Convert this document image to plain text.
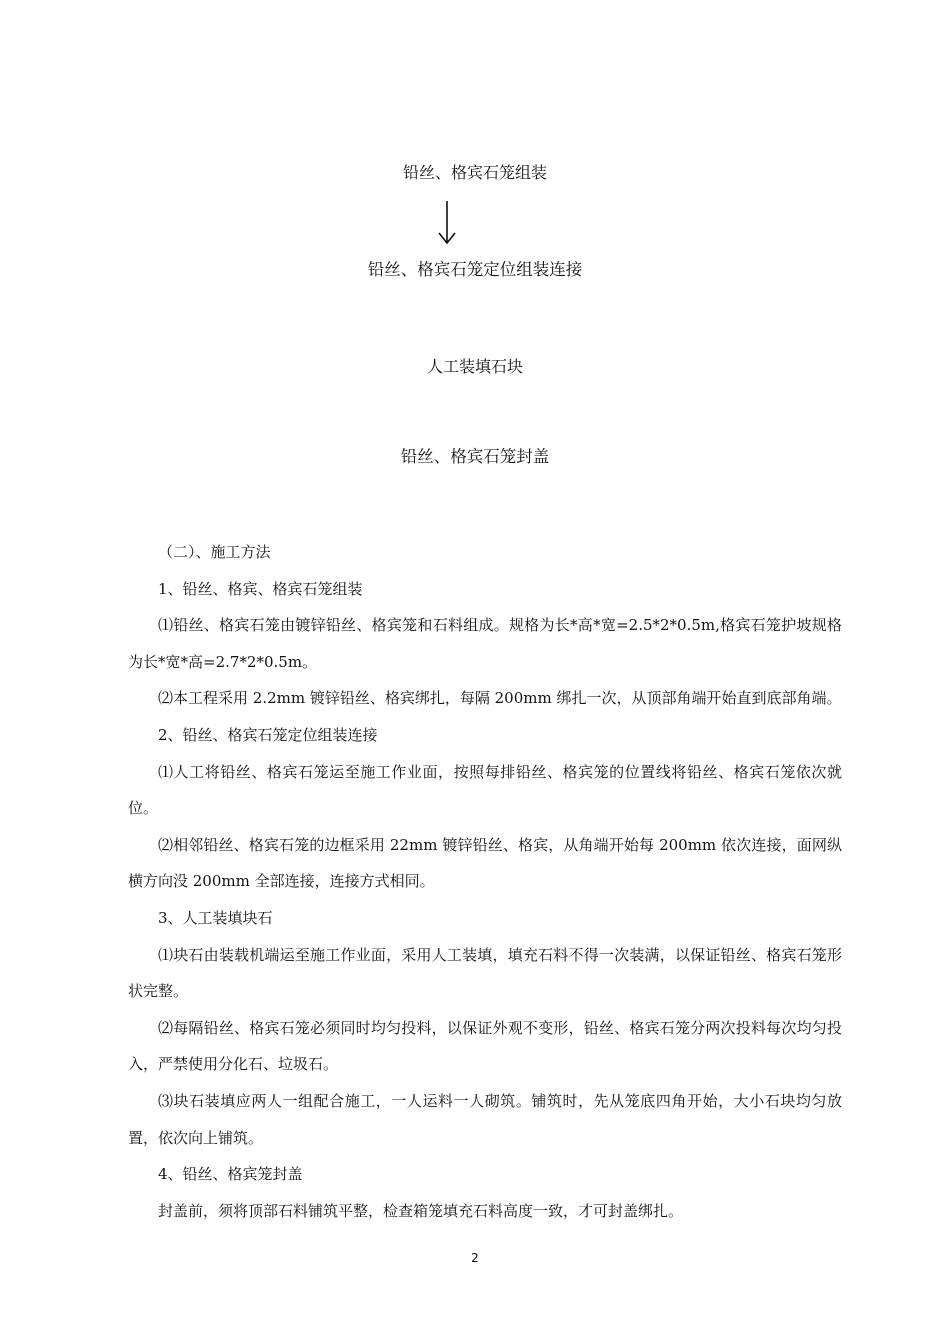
铅丝、格宾石笼组装
铅丝、格宾石笼定位组装连接
人工装填石块
铅丝、格宾石笼封盖

（二）、施工方法

1、铅丝、格宾、格宾石笼组装

⑴铅丝、格宾石笼由镀锌铅丝、格宾笼和石料组成。规格为长*高*宽=2.5*2*0.5m,格宾石笼护坡规格为长*宽*高=2.7*2*0.5m。

⑵本工程采用 2.2mm 镀锌铅丝、格宾绑扎，每隔 200mm 绑扎一次，从顶部角端开始直到底部角端。

2、铅丝、格宾石笼定位组装连接

⑴人工将铅丝、格宾石笼运至施工作业面，按照每排铅丝、格宾笼的位置线将铅丝、格宾石笼依次就位。

⑵相邻铅丝、格宾石笼的边框采用 22mm 镀锌铅丝、格宾，从角端开始每 200mm 依次连接，面网纵横方向没 200mm 全部连接，连接方式相同。

3、人工装填块石

⑴块石由装载机端运至施工作业面，采用人工装填，填充石料不得一次装满，以保证铅丝、格宾石笼形状完整。

⑵每隔铅丝、格宾石笼必须同时均匀投料，以保证外观不变形，铅丝、格宾石笼分两次投料每次均匀投入，严禁使用分化石、垃圾石。

⑶块石装填应两人一组配合施工，一人运料一人砌筑。铺筑时，先从笼底四角开始，大小石块均匀放置，依次向上铺筑。

4、铅丝、格宾笼封盖

封盖前，须将顶部石料铺筑平整，检查箱笼填充石料高度一致，才可封盖绑扎。

2
